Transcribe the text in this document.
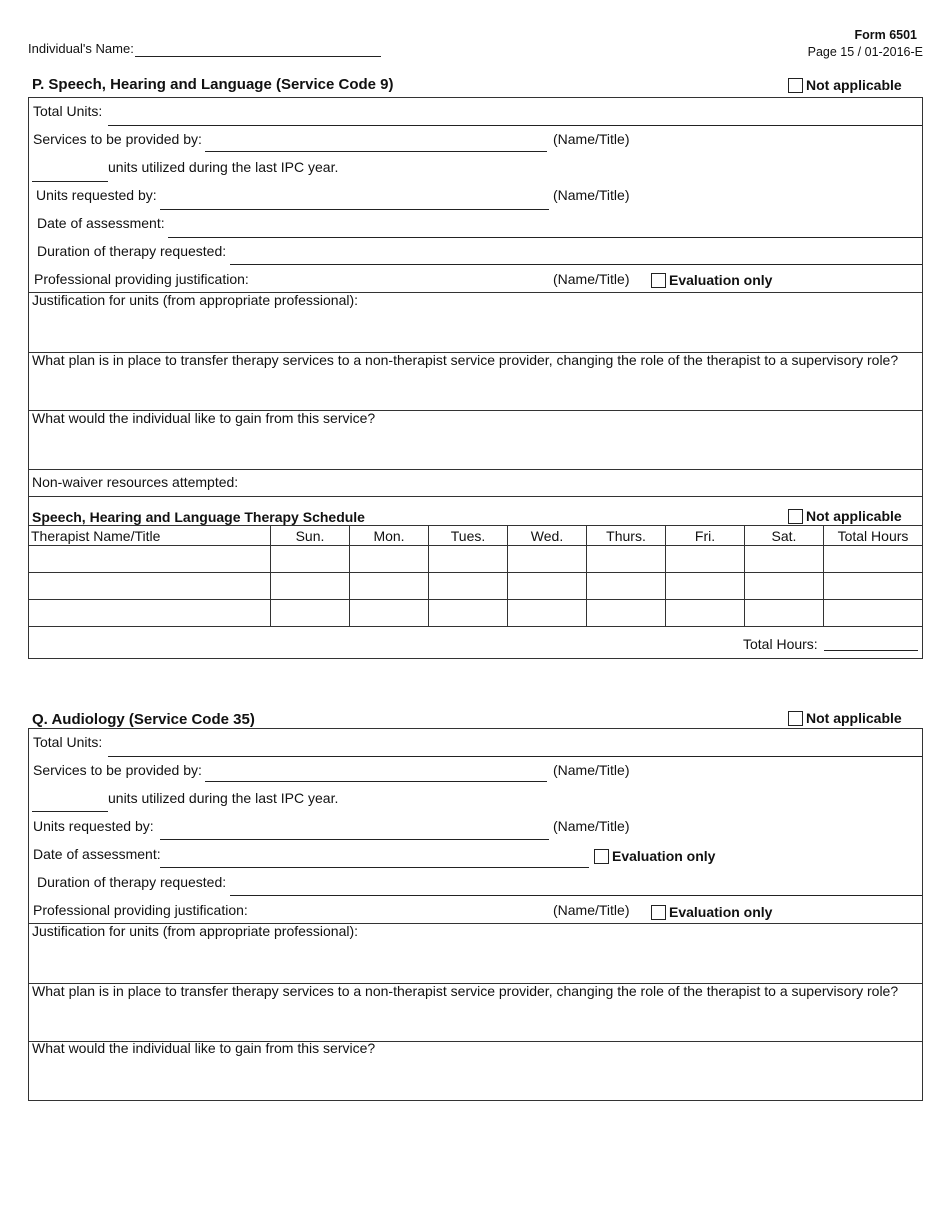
Individual's Name:
Form 6501
Page 15 / 01-2016-E
P. Speech, Hearing and Language (Service Code 9)	Not applicable
Total Units:
Services to be provided by:	(Name/Title)
units utilized during the last IPC year.
Units requested by:	(Name/Title)
Date of assessment:
Duration of therapy requested:
Professional providing justification:	(Name/Title)	Evaluation only
Justification for units (from appropriate professional):
What plan is in place to transfer therapy services to a non-therapist service provider, changing the role of the therapist to a supervisory role?
What would the individual like to gain from this service?
Non-waiver resources attempted:
Speech, Hearing and Language Therapy Schedule	Not applicable
Therapist Name/Title	Sun.	Mon.	Tues.	Wed.	Thurs.	Fri.	Sat.	Total Hours

Total Hours:
Q. Audiology (Service Code 35)	Not applicable
Total Units:
Services to be provided by:	(Name/Title)
units utilized during the last IPC year.
Units requested by:	(Name/Title)
Date of assessment:	Evaluation only
Duration of therapy requested:
Professional providing justification:	(Name/Title)	Evaluation only
Justification for units (from appropriate professional):
What plan is in place to transfer therapy services to a non-therapist service provider, changing the role of the therapist to a supervisory role?
What would the individual like to gain from this service?
